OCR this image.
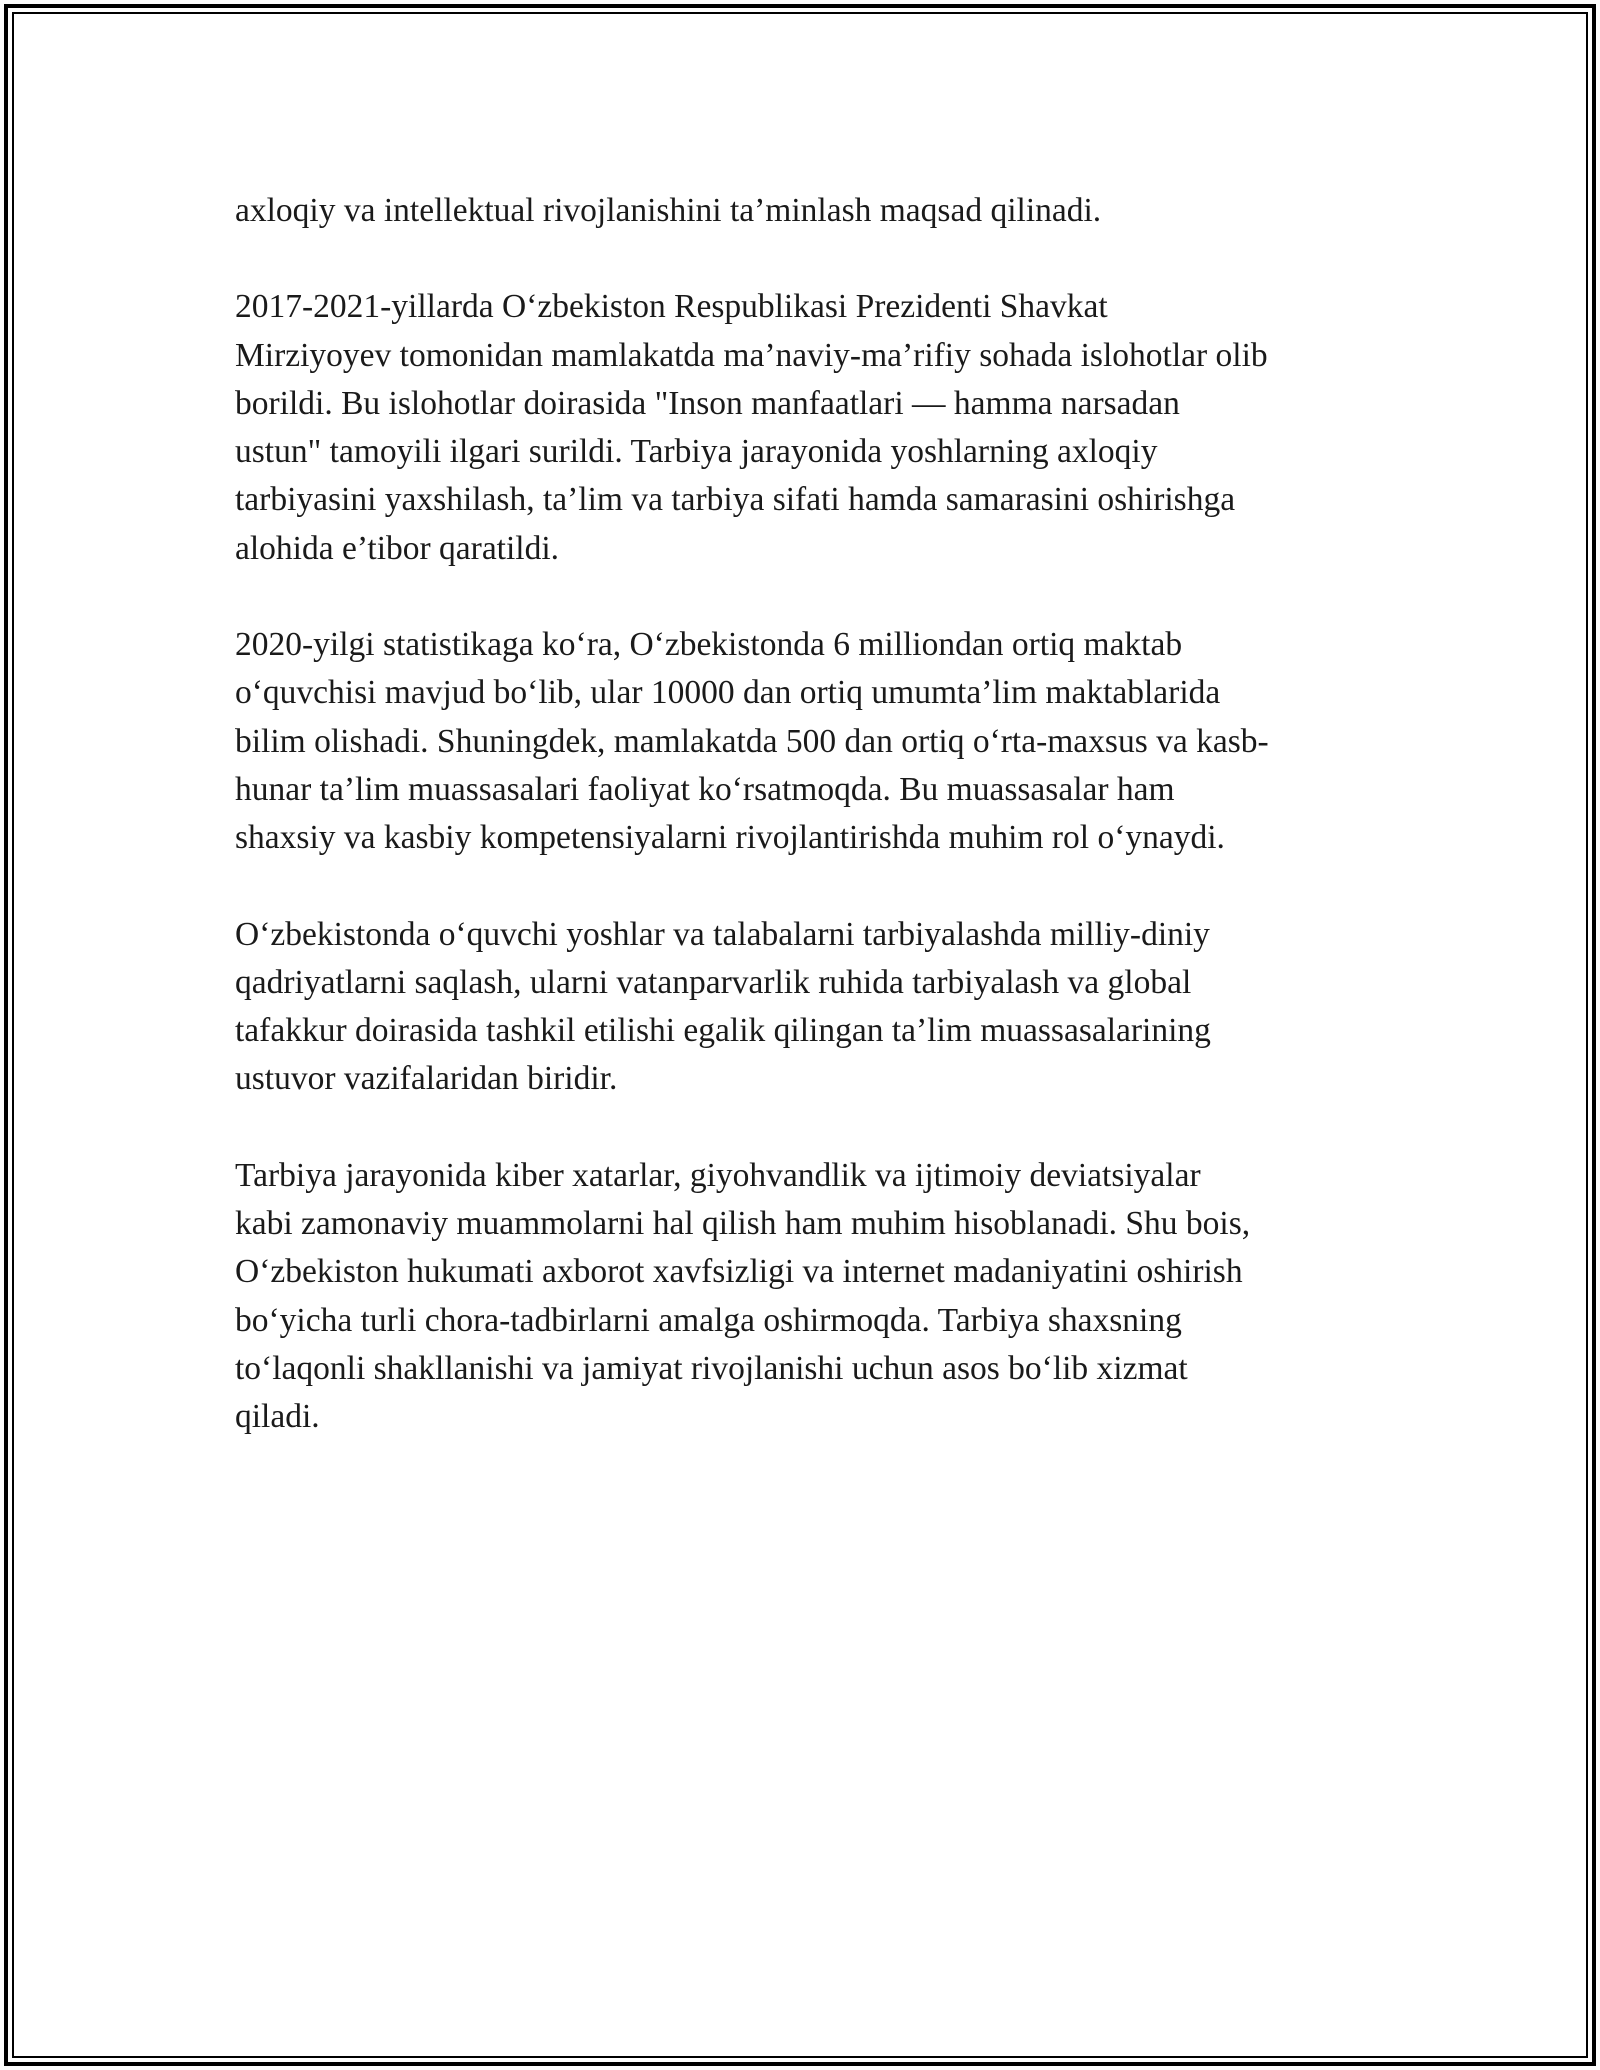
axloqiy va intellektual rivojlanishini ta’minlash maqsad qilinadi.

2017-2021-yillarda O‘zbekiston Respublikasi Prezidenti Shavkat
Mirziyoyev tomonidan mamlakatda ma’naviy-ma’rifiy sohada islohotlar olib
borildi. Bu islohotlar doirasida "Inson manfaatlari — hamma narsadan
ustun" tamoyili ilgari surildi. Tarbiya jarayonida yoshlarning axloqiy
tarbiyasini yaxshilash, ta’lim va tarbiya sifati hamda samarasini oshirishga
alohida e’tibor qaratildi.

2020-yilgi statistikaga ko‘ra, O‘zbekistonda 6 milliondan ortiq maktab
o‘quvchisi mavjud bo‘lib, ular 10000 dan ortiq umumta’lim maktablarida
bilim olishadi. Shuningdek, mamlakatda 500 dan ortiq o‘rta-maxsus va kasb-
hunar ta’lim muassasalari faoliyat ko‘rsatmoqda. Bu muassasalar ham
shaxsiy va kasbiy kompetensiyalarni rivojlantirishda muhim rol o‘ynaydi.

O‘zbekistonda o‘quvchi yoshlar va talabalarni tarbiyalashda milliy-diniy
qadriyatlarni saqlash, ularni vatanparvarlik ruhida tarbiyalash va global
tafakkur doirasida tashkil etilishi egalik qilingan ta’lim muassasalarining
ustuvor vazifalaridan biridir.

Tarbiya jarayonida kiber xatarlar, giyohvandlik va ijtimoiy deviatsiyalar
kabi zamonaviy muammolarni hal qilish ham muhim hisoblanadi. Shu bois,
O‘zbekiston hukumati axborot xavfsizligi va internet madaniyatini oshirish
bo‘yicha turli chora-tadbirlarni amalga oshirmoqda. Tarbiya shaxsning
to‘laqonli shakllanishi va jamiyat rivojlanishi uchun asos bo‘lib xizmat
qiladi.
